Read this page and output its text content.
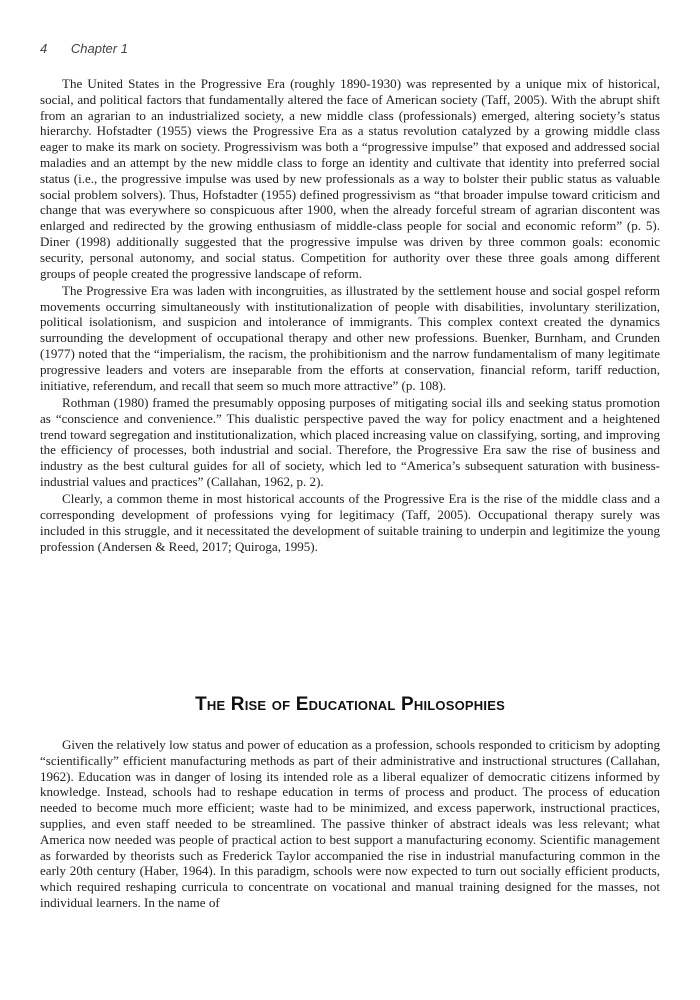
4 Chapter 1

The United States in the Progressive Era (roughly 1890-1930) was represented by a unique mix of historical, social, and political factors that fundamentally altered the face of American society (Taff, 2005). With the abrupt shift from an agrarian to an industrialized society, a new middle class (professionals) emerged, altering society’s status hierarchy. Hofstadter (1955) views the Progressive Era as a status revolution catalyzed by a growing middle class eager to make its mark on society. Progressivism was both a “progressive impulse” that exposed and addressed social maladies and an attempt by the new middle class to forge an identity and cultivate that identity into preferred social status (i.e., the progressive impulse was used by new professionals as a way to bolster their public status as valuable social problem solvers). Thus, Hofstadter (1955) defined progressivism as “that broader impulse toward criticism and change that was everywhere so conspicuous after 1900, when the already forceful stream of agrarian discontent was enlarged and redirected by the growing enthusiasm of middle-class people for social and economic reform” (p. 5). Diner (1998) additionally suggested that the progressive impulse was driven by three common goals: economic security, personal autonomy, and social status. Competition for authority over these three goals among different groups of people created the progressive landscape of reform.

The Progressive Era was laden with incongruities, as illustrated by the settlement house and social gospel reform movements occurring simultaneously with institutionalization of people with disabilities, involuntary sterilization, political isolationism, and suspicion and intolerance of immigrants. This complex context created the dynamics surrounding the development of occupational therapy and other new professions. Buenker, Burnham, and Crunden (1977) noted that the “imperialism, the racism, the prohibitionism and the narrow fundamentalism of many legitimate progressive leaders and voters are inseparable from the efforts at conservation, financial reform, tariff reduction, initiative, referendum, and recall that seem so much more attractive” (p. 108).

Rothman (1980) framed the presumably opposing purposes of mitigating social ills and seeking status promotion as “conscience and convenience.” This dualistic perspective paved the way for policy enactment and a heightened trend toward segregation and institutionalization, which placed increasing value on classifying, sorting, and improving the efficiency of processes, both industrial and social. Therefore, the Progressive Era saw the rise of business and industry as the best cultural guides for all of society, which led to “America’s subsequent saturation with business-industrial values and practices” (Callahan, 1962, p. 2).

Clearly, a common theme in most historical accounts of the Progressive Era is the rise of the middle class and a corresponding development of professions vying for legitimacy (Taff, 2005). Occupational therapy surely was included in this struggle, and it necessitated the development of suitable training to underpin and legitimize the young profession (Andersen & Reed, 2017; Quiroga, 1995).

The Rise of Educational Philosophies

Given the relatively low status and power of education as a profession, schools responded to criticism by adopting “scientifically” efficient manufacturing methods as part of their administrative and instructional structures (Callahan, 1962). Education was in danger of losing its intended role as a liberal equalizer of democratic citizens informed by knowledge. Instead, schools had to reshape education in terms of process and product. The process of education needed to become much more efficient; waste had to be minimized, and excess paperwork, instructional practices, supplies, and even staff needed to be streamlined. The passive thinker of abstract ideals was less relevant; what America now needed was people of practical action to best support a manufacturing economy. Scientific management as forwarded by theorists such as Frederick Taylor accompanied the rise in industrial manufacturing common in the early 20th century (Haber, 1964). In this paradigm, schools were now expected to turn out socially efficient products, which required reshaping curricula to concentrate on vocational and manual training designed for the masses, not individual learners. In the name of
